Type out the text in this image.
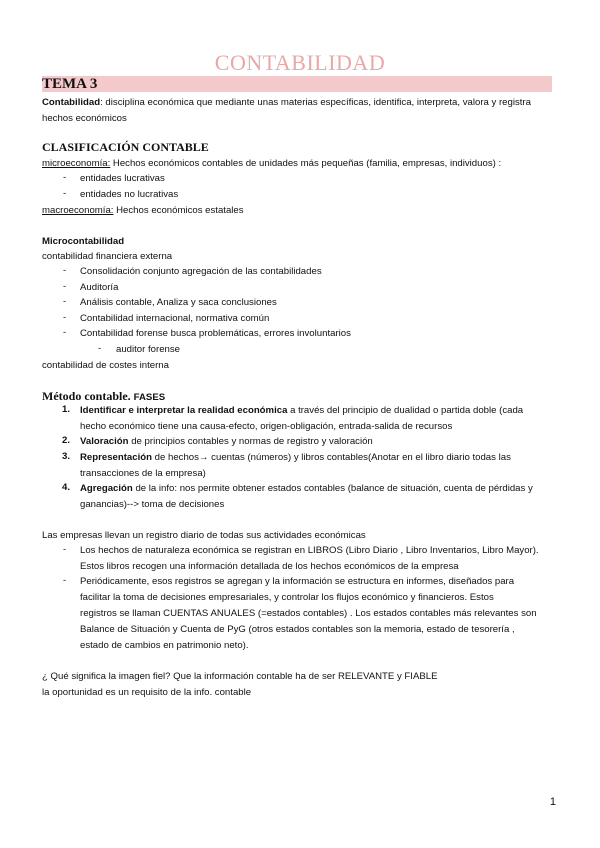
CONTABILIDAD
TEMA 3
Contabilidad: disciplina económica que mediante unas materias específicas, identifica, interpreta, valora y registra
hechos económicos
CLASIFICACIÓN CONTABLE
microeconomía: Hechos económicos contables de unidades más pequeñas (familia, empresas, individuos) :
- entidades lucrativas
- entidades no lucrativas
macroeconomía: Hechos económicos estatales
Microcontabilidad
contabilidad financiera externa
- Consolidación conjunto agregación de las contabilidades
- Auditoría
- Análisis contable, Analiza y saca conclusiones
- Contabilidad internacional, normativa común
- Contabilidad forense busca problemáticas, errores involuntarios
- auditor forense
contabilidad de costes interna
Método contable. FASES
1. Identificar e interpretar la realidad económica a través del principio de dualidad o partida doble (cada
hecho económico tiene una causa-efecto, origen-obligación, entrada-salida de recursos
2. Valoración de principios contables y normas de registro y valoración
3. Representación de hechos→ cuentas (números) y libros contables(Anotar en el libro diario todas las
transacciones de la empresa)
4. Agregación de la info: nos permite obtener estados contables (balance de situación, cuenta de pérdidas y
ganancias)--> toma de decisiones
Las empresas llevan un registro diario de todas sus actividades económicas
- Los hechos de naturaleza económica se registran en LIBROS (Libro Diario , Libro Inventarios, Libro Mayor).
Estos libros recogen una información detallada de los hechos económicos de la empresa
- Periódicamente, esos registros se agregan y la información se estructura en informes, diseñados para
facilitar la toma de decisiones empresariales, y controlar los flujos económico y financieros. Estos
registros se llaman CUENTAS ANUALES (=estados contables) . Los estados contables más relevantes son
Balance de Situación y Cuenta de PyG (otros estados contables son la memoria, estado de tesorería ,
estado de cambios en patrimonio neto).
¿ Qué significa la imagen fiel? Que la información contable ha de ser RELEVANTE y FIABLE
la oportunidad es un requisito de la info. contable
1
